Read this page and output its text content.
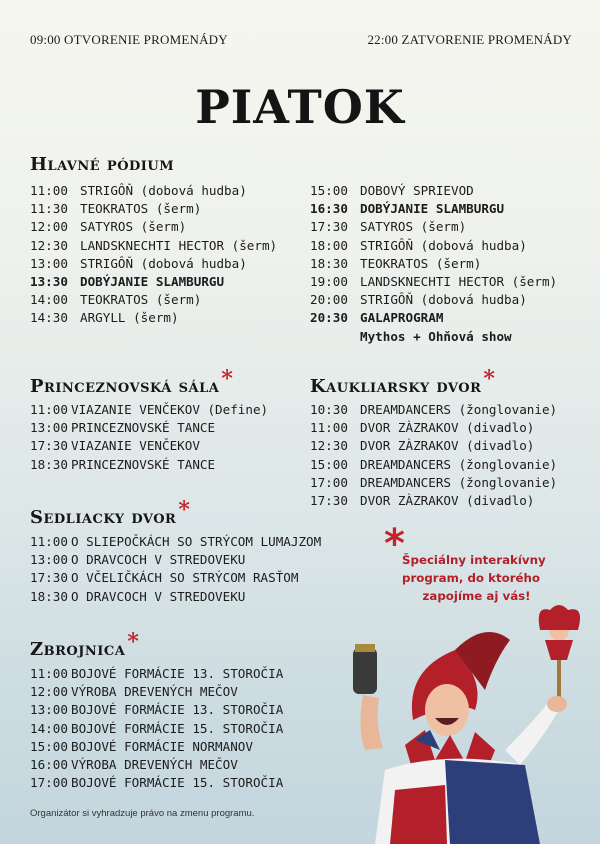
09:00 OTVORENIE PROMENÁDY	22:00 ZATVORENIE PROMENÁDY
PIATOK
Hlavné pódium
11:00 STRIGÔŇ (dobová hudba)
11:30 TEOKRATOS (šerm)
12:00 SATYROS (šerm)
12:30 LANDSKNECHTI HECTOR (šerm)
13:00 STRIGÔŇ (dobová hudba)
13:30 DOBÝJANIE SLAMBURGU
14:00 TEOKRATOS (šerm)
14:30 ARGYLL (šerm)
15:00 DOBOVÝ SPRIEVOD
16:30 DOBÝJANIE SLAMBURGU
17:30 SATYROS (šerm)
18:00 STRIGÔŇ (dobová hudba)
18:30 TEOKRATOS (šerm)
19:00 LANDSKNECHTI HECTOR (šerm)
20:00 STRIGÔŇ (dobová hudba)
20:30 GALAPROGRAM
Mythos + Ohňová show
Princeznovská sála*
11:00 VIAZANIE VENČEKOV (Define)
13:00 PRINCEZNOVSKÉ TANCE
17:30 VIAZANIE VENČEKOV
18:30 PRINCEZNOVSKÉ TANCE
Kaukliarsky dvor*
10:30 DREAMDANCERS (žonglovanie)
11:00 DVOR ZÀZRAKOV (divadlo)
12:30 DVOR ZÀZRAKOV (divadlo)
15:00 DREAMDANCERS (žonglovanie)
17:00 DREAMDANCERS (žonglovanie)
17:30 DVOR ZÀZRAKOV (divadlo)
Sedliacky dvor*
11:00 O SLIEPOČKÁCH SO STRÝCOM LUMAJZOM
13:00 O DRAVCOCH V STREDOVEKU
17:30 O VČELIČKÁCH SO STRÝCOM RASŤOM
18:30 O DRAVCOCH V STREDOVEKU
*
Špeciálny interakívny
program, do ktorého
zapojíme aj vás!
Zbrojnica*
11:00 BOJOVÉ FORMÁCIE 13. STOROČIA
12:00 VÝROBA DREVENÝCH MEČOV
13:00 BOJOVÉ FORMÁCIE 13. STOROČIA
14:00 BOJOVÉ FORMÁCIE 15. STOROČIA
15:00 BOJOVÉ FORMÁCIE NORMANOV
16:00 VÝROBA DREVENÝCH MEČOV
17:00 BOJOVÉ FORMÁCIE 15. STOROČIA
Organizátor si vyhradzuje právo na zmenu programu.
